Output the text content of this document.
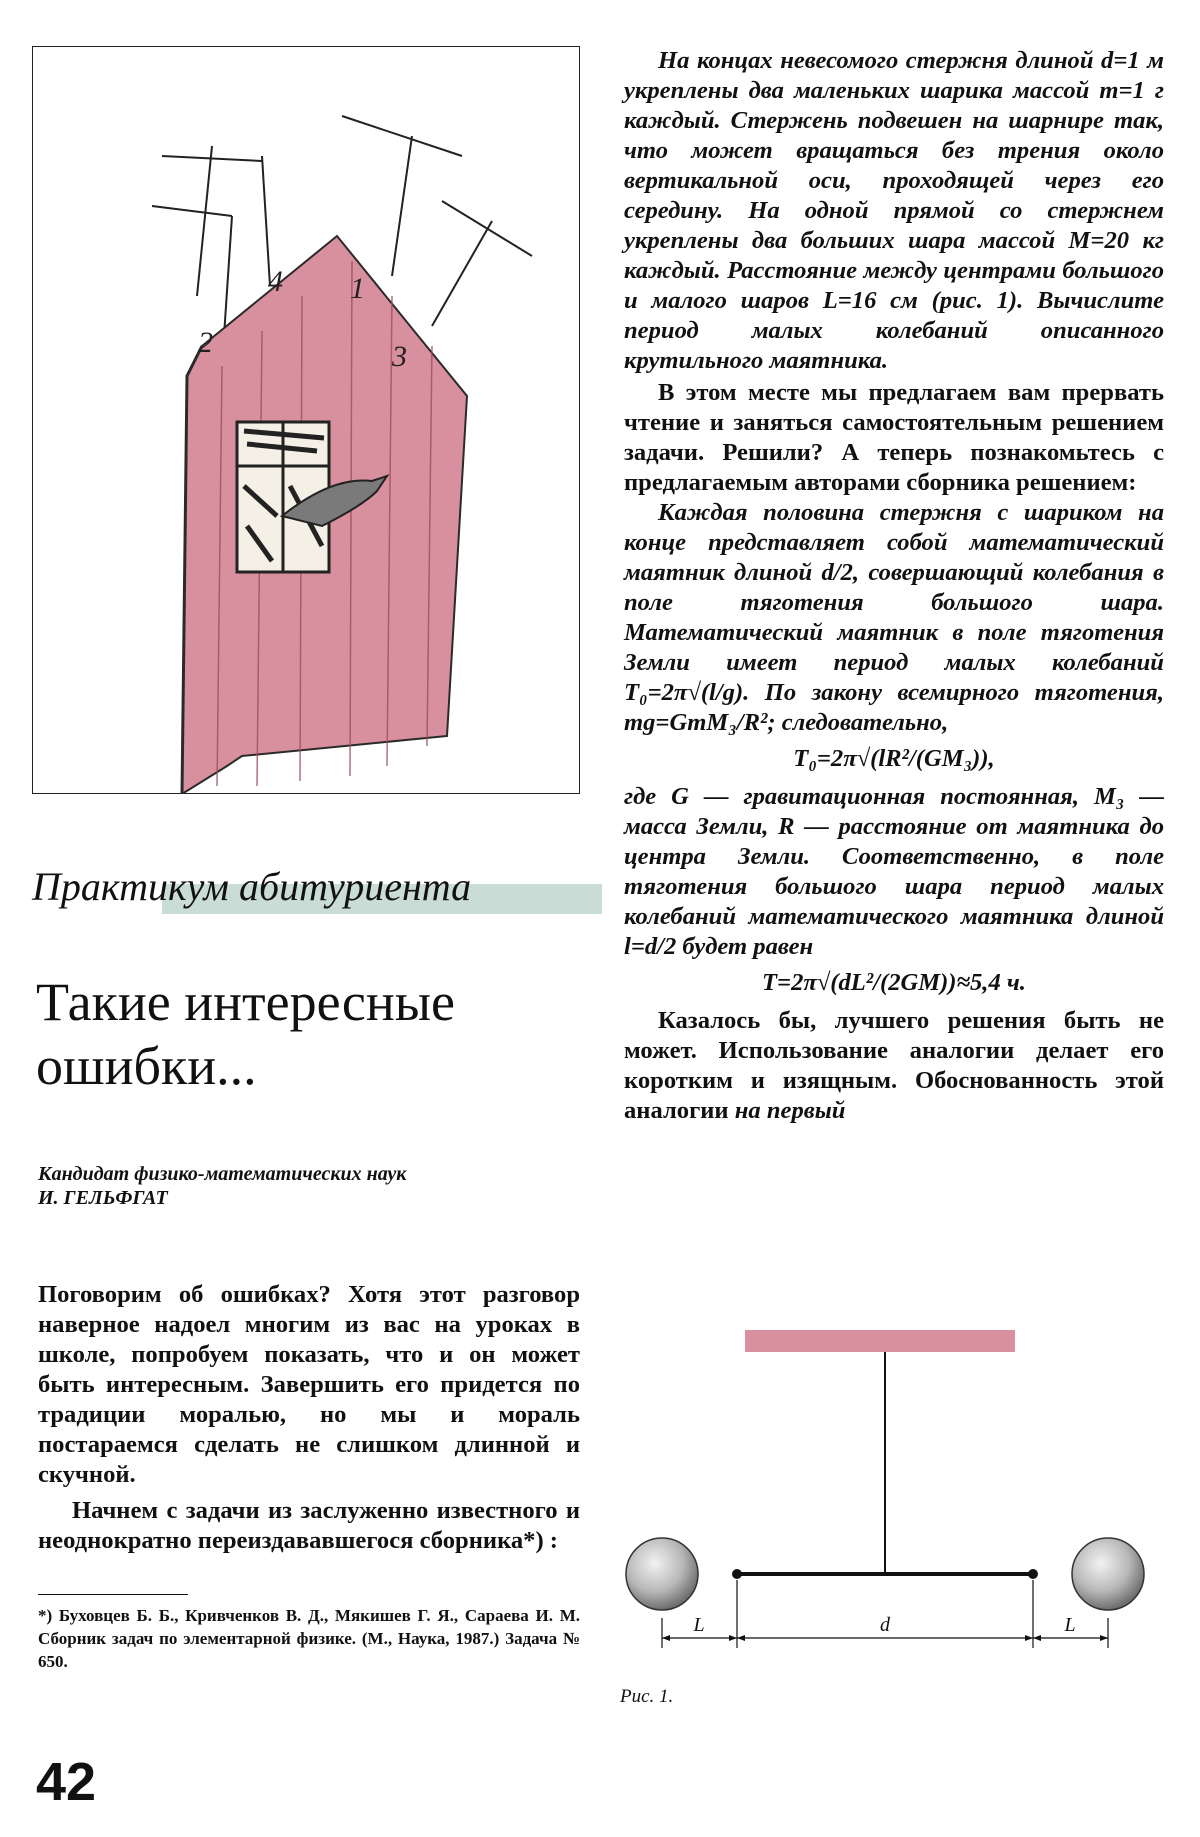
1
2	3
4
Практикум абитуриента
Такие интересные ошибки...
Кандидат физико-математических наук
И. ГЕЛЬФГАТ

Поговорим об ошибках? Хотя этот разговор наверное надоел многим из вас на уроках в школе, попробуем показать, что и он может быть интересным. Завершить его придется по традиции моралью, но мы и мораль постараемся сделать не слишком длинной и скучной.

Начнем с задачи из заслуженно известного и неоднократно переиздававшегося сборника*) :

*) Буховцев Б. Б., Кривченков В. Д., Мякишев Г. Я., Сараева И. М. Сборник задач по элементарной физике. (М., Наука, 1987.) Задача № 650.
42

На концах невесомого стержня длиной d=1 м укреплены два маленьких шарика массой m=1 г каждый. Стержень подвешен на шарнире так, что может вращаться без трения около вертикальной оси, проходящей через его середину. На одной прямой со стержнем укреплены два больших шара массой M=20 кг каждый. Расстояние между центрами большого и малого шаров L=16 см (рис. 1). Вычислите период малых колебаний описанного крутильного маятника.

В этом месте мы предлагаем вам прервать чтение и заняться самостоятельным решением задачи. Решили? А теперь познакомьтесь с предлагаемым авторами сборника решением:

Каждая половина стержня с шариком на конце представляет собой математический маятник длиной d/2, совершающий колебания в поле тяготения большого шара. Математический маятник в поле тяготения Земли имеет период малых колебаний T₀=2π√(l/g). По закону всемирного тяготения, mg=GmM₃/R²; следовательно,

T₀=2π√(lR²/(GM₃)),

где G — гравитационная постоянная, M₃ — масса Земли, R — расстояние от маятника до центра Земли. Соответственно, в поле тяготения большого шара период малых колебаний математического маятника длиной l=d/2 будет равен

T=2π√(dL²/(2GM))≈5,4 ч.

Казалось бы, лучшего решения быть не может. Использование аналогии делает его коротким и изящным. Обоснованность этой аналогии на первый

L	d	L
Рис. 1.
